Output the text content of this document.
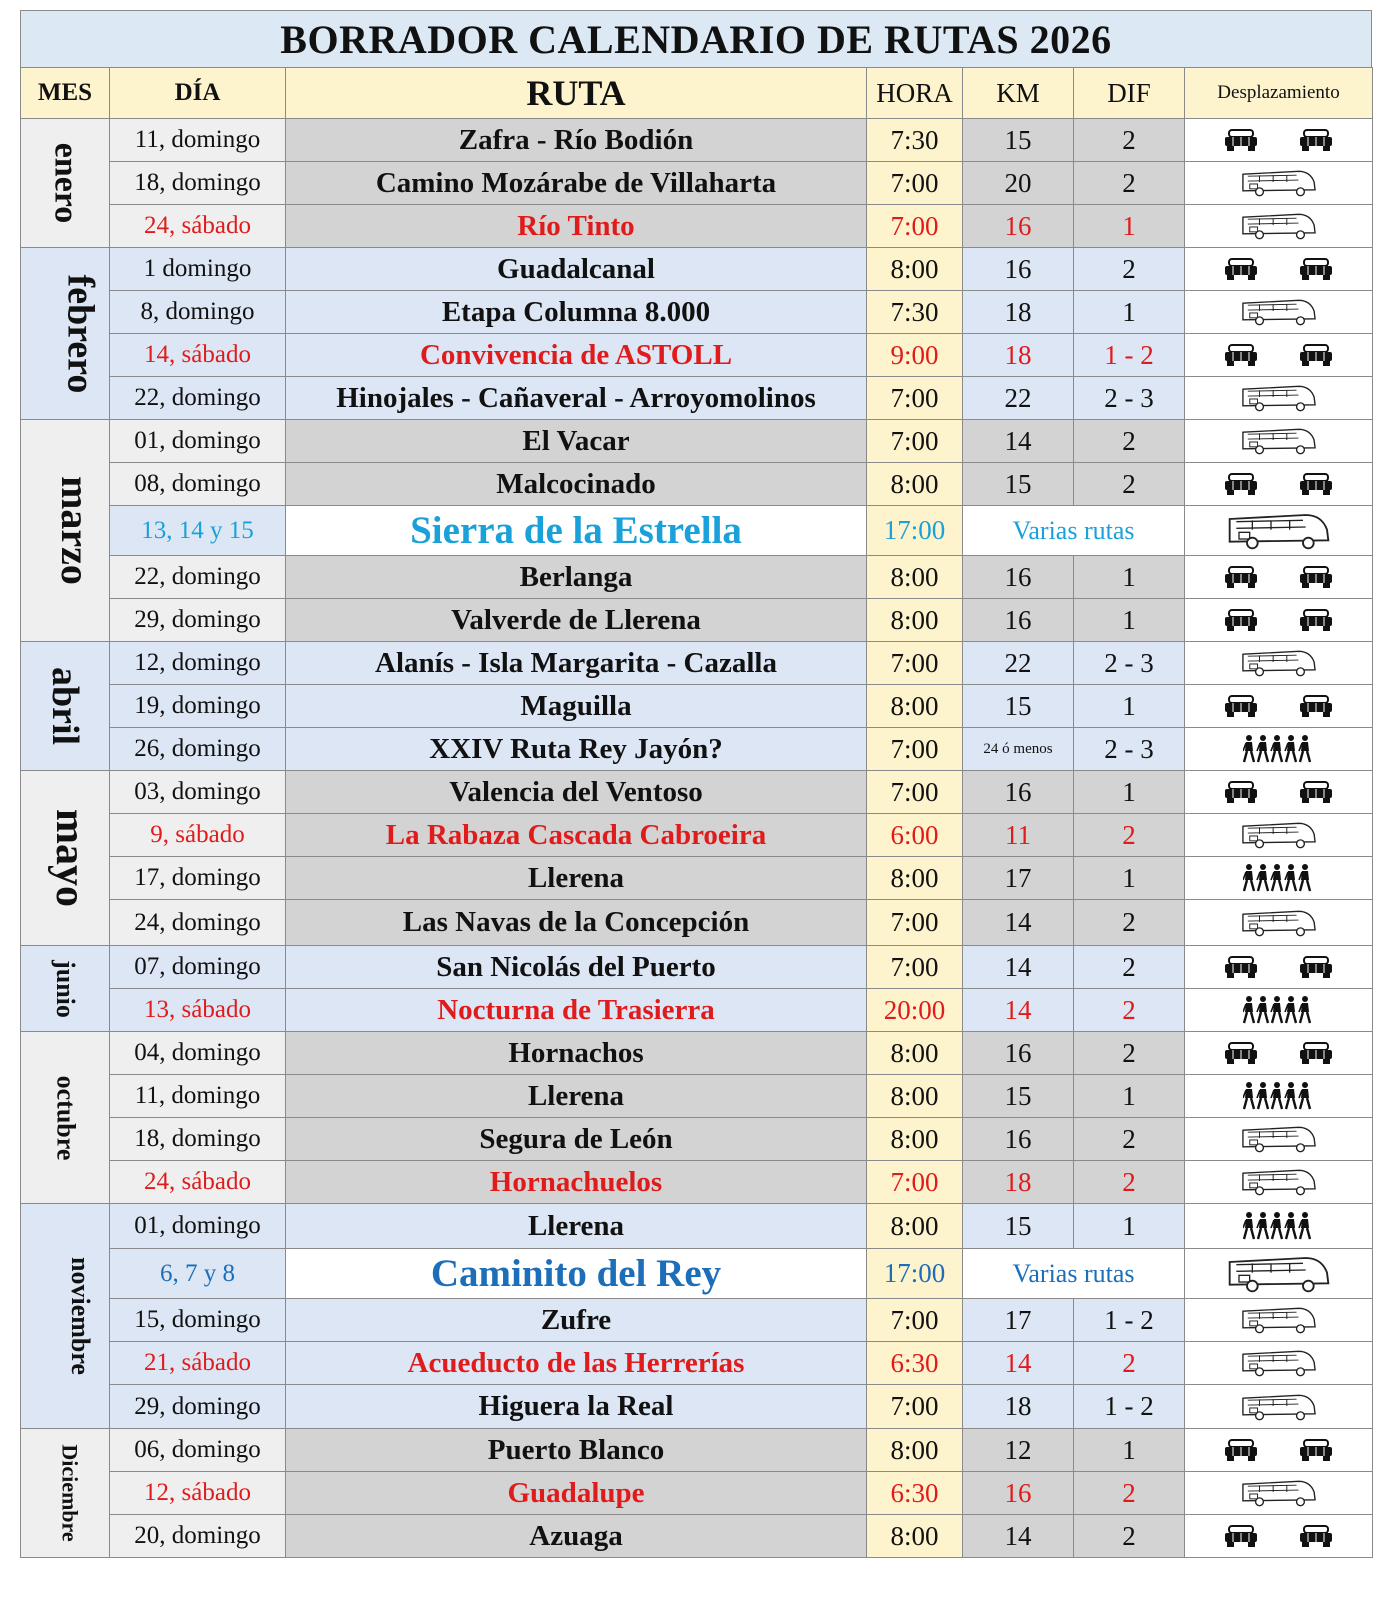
BORRADOR CALENDARIO DE RUTAS 2026
MES	DÍA	RUTA	HORA	KM	DIF	Desplazamiento
enero	11, domingo	Zafra - Río Bodión	7:30	15	2	

	18, domingo	Camino Mozárabe de Villaharta	7:00	20	2	

	24, sábado	Río Tinto	7:00	16	1	

febrero	1 domingo	Guadalcanal	8:00	16	2	

	8, domingo	Etapa Columna 8.000	7:30	18	1	

	14, sábado	Convivencia de ASTOLL	9:00	18	1 - 2	

	22, domingo	Hinojales - Cañaveral - Arroyomolinos	7:00	22	2 - 3	

marzo	01, domingo	El Vacar	7:00	14	2	

	08, domingo	Malcocinado	8:00	15	2	

	13, 14 y 15	Sierra de la Estrella	17:00	Varias rutas	

	22, domingo	Berlanga	8:00	16	1	

	29, domingo	Valverde de Llerena	8:00	16	1	

abril	12, domingo	Alanís - Isla Margarita - Cazalla	7:00	22	2 - 3	

	19, domingo	Maguilla	8:00	15	1	

	26, domingo	XXIV Ruta Rey Jayón?	7:00	24 ó menos	2 - 3	

mayo	03, domingo	Valencia del Ventoso	7:00	16	1	

	9, sábado	La Rabaza Cascada Cabroeira	6:00	11	2	

	17, domingo	Llerena	8:00	17	1	

	24, domingo	Las Navas de la Concepción	7:00	14	2	

junio	07, domingo	San Nicolás del Puerto	7:00	14	2	

	13, sábado	Nocturna de Trasierra	20:00	14	2	

octubre	04, domingo	Hornachos	8:00	16	2	

	11, domingo	Llerena	8:00	15	1	

	18, domingo	Segura de León	8:00	16	2	

	24, sábado	Hornachuelos	7:00	18	2	

noviembre	01, domingo	Llerena	8:00	15	1	

	6, 7 y 8	Caminito del Rey	17:00	Varias rutas	

	15, domingo	Zufre	7:00	17	1 - 2	

	21, sábado	Acueducto de las Herrerías	6:30	14	2	

	29, domingo	Higuera la Real	7:00	18	1 - 2	

Diciembre	06, domingo	Puerto Blanco	8:00	12	1	

	12, sábado	Guadalupe	6:30	16	2	

	20, domingo	Azuaga	8:00	14	2	
